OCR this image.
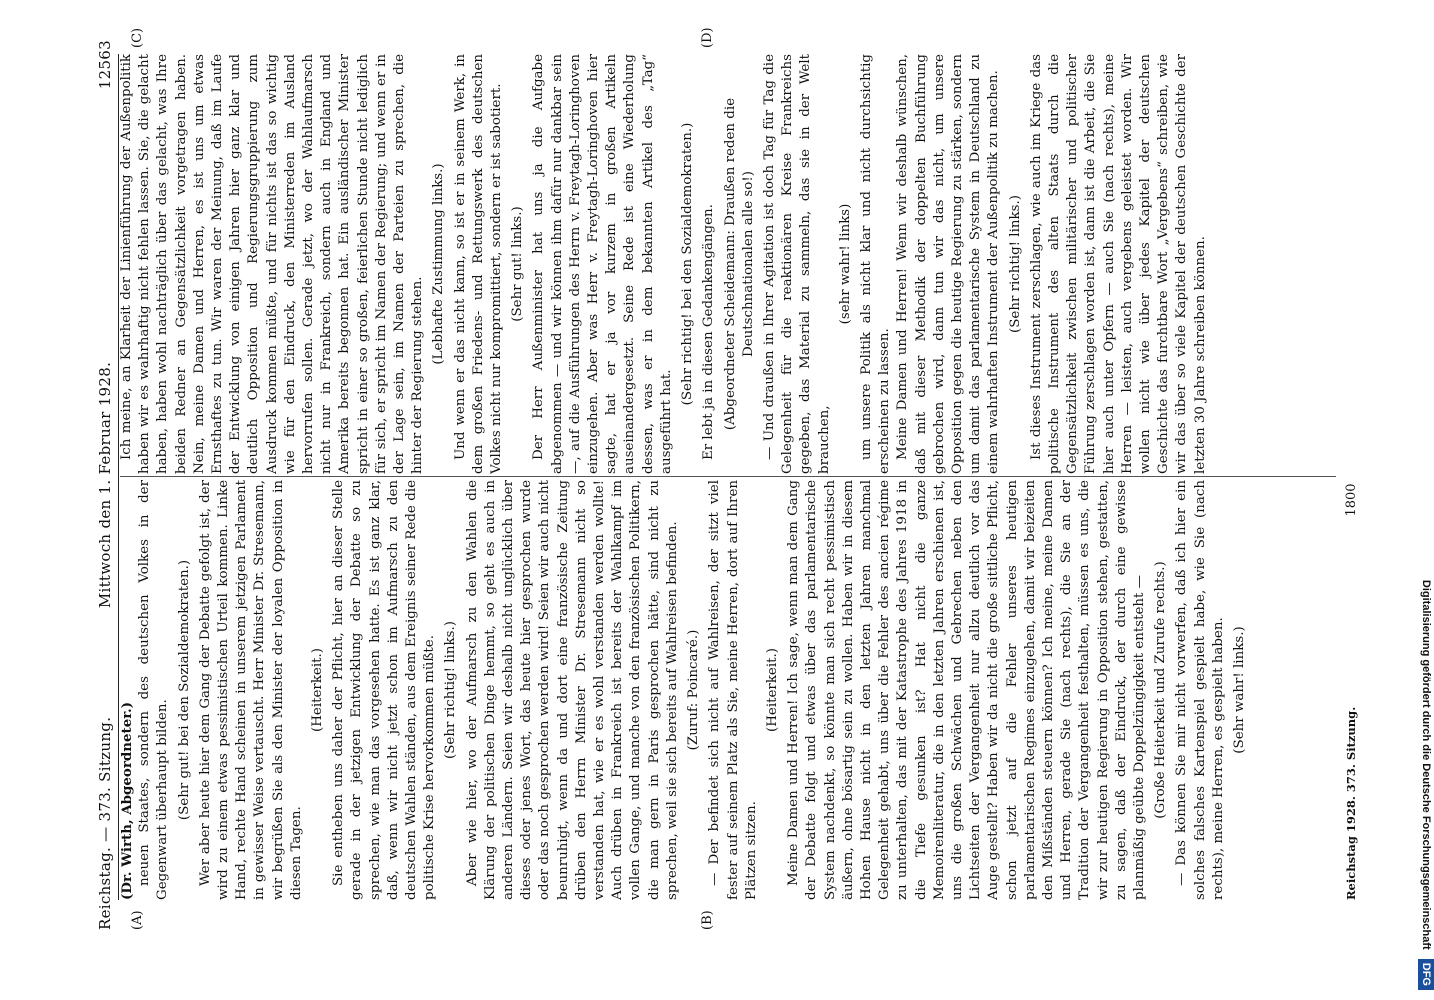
Reichstag. — 373. Sitzung.
Mittwoch den 1. Februar 1928.
12563
(A)	(B)
(C)	(D)

(Dr. Wirth, Abgeordneter.) neuen Staates, sondern des deutschen Volkes in der Gegenwart überhaupt bilden. (Sehr gut! bei den Sozialdemokraten.) Wer aber heute hier dem Gang der Debatte gefolgt ist, der wird zu einem etwas pessimistischen Urteil kommen. Linke Hand, rechte Hand scheinen in unserem jetzigen Parlament in gewisser Weise vertauscht. Herr Minister Dr. Stresemann, wir begrüßen Sie als den Minister der loyalen Opposition in diesen Tagen.

(Heiterkeit.) Sie entheben uns daher der Pflicht, hier an dieser Stelle gerade in der jetzigen Entwicklung der Debatte so zu sprechen, wie man das vorgesehen hatte. Es ist ganz klar, daß, wenn wir nicht jetzt schon im Aufmarsch zu den deutschen Wahlen ständen, aus dem Ereignis seiner Rede die politische Krise hervorkommen müßte. (Sehr richtig! links.) Aber wie hier, wo der Aufmarsch zu den Wahlen die Klärung der politischen Dinge hemmt, so geht es auch in anderen Ländern. Seien wir deshalb nicht unglücklich über dieses oder jenes Wort, das heute hier gesprochen wurde oder das noch gesprochen werden wird! Seien wir auch nicht beunruhigt, wenn da und dort eine französische Zeitung drüben den Herrn Minister Dr. Stresemann nicht so verstanden hat, wie er es wohl verstanden werden wollte! Auch drüben in Frankreich ist bereits der Wahlkampf im vollen Gange, und manche von den französischen Politikern, die man gern in Paris gesprochen hätte, sind nicht zu sprechen, weil sie sich bereits auf Wahlreisen befinden. (Zuruf: Poincaré.) — Der befindet sich nicht auf Wahlreisen, der sitzt viel fester auf seinem Platz als Sie, meine Herren, dort auf Ihren Plätzen sitzen.

(Heiterkeit.) Meine Damen und Herren! Ich sage, wenn man dem Gang der Debatte folgt und etwas über das parlamentarische System nachdenkt, so könnte man sich recht pessimistisch äußern, ohne bösartig sein zu wollen. Haben wir in diesem Hohen Hause nicht in den letzten Jahren manchmal Gelegenheit gehabt, uns über die Fehler des ancien régime zu unterhalten, das mit der Katastrophe des Jahres 1918 in die Tiefe gesunken ist? Hat nicht die ganze Memoirenliteratur, die in den letzten Jahren erschienen ist, uns die großen Schwächen und Gebrechen neben den Lichtseiten der Vergangenheit nur allzu deutlich vor das Auge gestellt? Haben wir da nicht die große sittliche Pflicht, schon jetzt auf die Fehler unseres heutigen parlamentarischen Regimes einzugehen, damit wir beizeiten den Mißständen steuern können? Ich meine, meine Damen und Herren, gerade Sie (nach rechts), die Sie an der Tradition der Vergangenheit festhalten, müssen es uns, die wir zur heutigen Regierung in Opposition stehen, gestatten, zu sagen, daß der Eindruck, der durch eine gewisse planmäßig geübte Doppelzüngigkeit entsteht — (Große Heiterkeit und Zurufe rechts.) — Das können Sie mir nicht vorwerfen, daß ich hier ein solches falsches Kartenspiel gespielt habe, wie Sie (nach rechts), meine Herren, es gespielt haben. (Sehr wahr! links.)

Ich meine, an Klarheit der Linienführung der Außenpolitik haben wir es wahrhaftig nicht fehlen lassen. Sie, die gelacht haben, haben wohl nachträglich über das gelacht, was Ihre beiden Redner an Gegensätzlichkeit vorgetragen haben. Nein, meine Damen und Herren, es ist uns um etwas Ernsthaftes zu tun. Wir waren der Meinung, daß im Laufe der Entwicklung von einigen Jahren hier ganz klar und deutlich Opposition und Regierungsgruppierung zum Ausdruck kommen müßte, und für nichts ist das so wichtig wie für den Eindruck, den Ministerreden im Ausland hervorrufen sollen. Gerade jetzt, wo der Wahlaufmarsch nicht nur in Frankreich, sondern auch in England und Amerika bereits begonnen hat. Ein ausländischer Minister spricht in einer so großen, feierlichen Stunde nicht lediglich für sich, er spricht im Namen der Regierung; und wenn er in der Lage sein, im Namen der Parteien zu sprechen, die hinter der Regierung stehen.

(Lebhafte Zustimmung links.) Und wenn er das nicht kann, so ist er in seinem Werk, in dem großen Friedens- und Rettungswerk des deutschen Volkes nicht nur kompromittiert, sondern er ist sabotiert. (Sehr gut! links.) Der Herr Außenminister hat uns ja die Aufgabe abgenommen — und wir können ihm dafür nur dankbar sein —, auf die Ausführungen des Herrn v. Freytagh-Loringhoven einzugehen. Aber was Herr v. Freytagh-Loringhoven hier sagte, hat er ja vor kurzem in großen Artikeln auseinandergesetzt. Seine Rede ist eine Wiederholung dessen, was er in dem bekannten Artikel des „Tag“ ausgeführt hat.

(Sehr richtig! bei den Sozialdemokraten.) Er lebt ja in diesen Gedankengängen. (Abgeordneter Scheidemann: Draußen reden die Deutschnationalen alle so!) — Und draußen in Ihrer Agitation ist doch Tag für Tag die Gelegenheit für die reaktionären Kreise Frankreichs gegeben, das Material zu sammeln, das sie in der Welt brauchen,

(sehr wahr! links) um unsere Politik als nicht klar und nicht durchsichtig erscheinen zu lassen. Meine Damen und Herren! Wenn wir deshalb wünschen, daß mit dieser Methodik der doppelten Buchführung gebrochen wird, dann tun wir das nicht, um unsere Opposition gegen die heutige Regierung zu stärken, sondern um damit das parlamentarische System in Deutschland zu einem wahrhaften Instrument der Außenpolitik zu machen. (Sehr richtig! links.) Ist dieses Instrument zerschlagen, wie auch im Kriege das politische Instrument des alten Staats durch die Gegensätzlichkeit zwischen militärischer und politischer Führung zerschlagen worden ist, dann ist die Arbeit, die Sie hier auch unter Opfern — auch Sie (nach rechts), meine Herren — leisten, auch vergebens geleistet worden. Wir wollen nicht wie über jedes Kapitel der deutschen Geschichte das furchtbare Wort „Vergebens“ schreiben, wie wir das über so viele Kapitel der deutschen Geschichte der letzten 30 Jahre schreiben können.

Reichstag 1928. 373. Sitzung.
1800
Digitalisierung gefördert durch die Deutsche Forschungsgemeinschaft DFG
